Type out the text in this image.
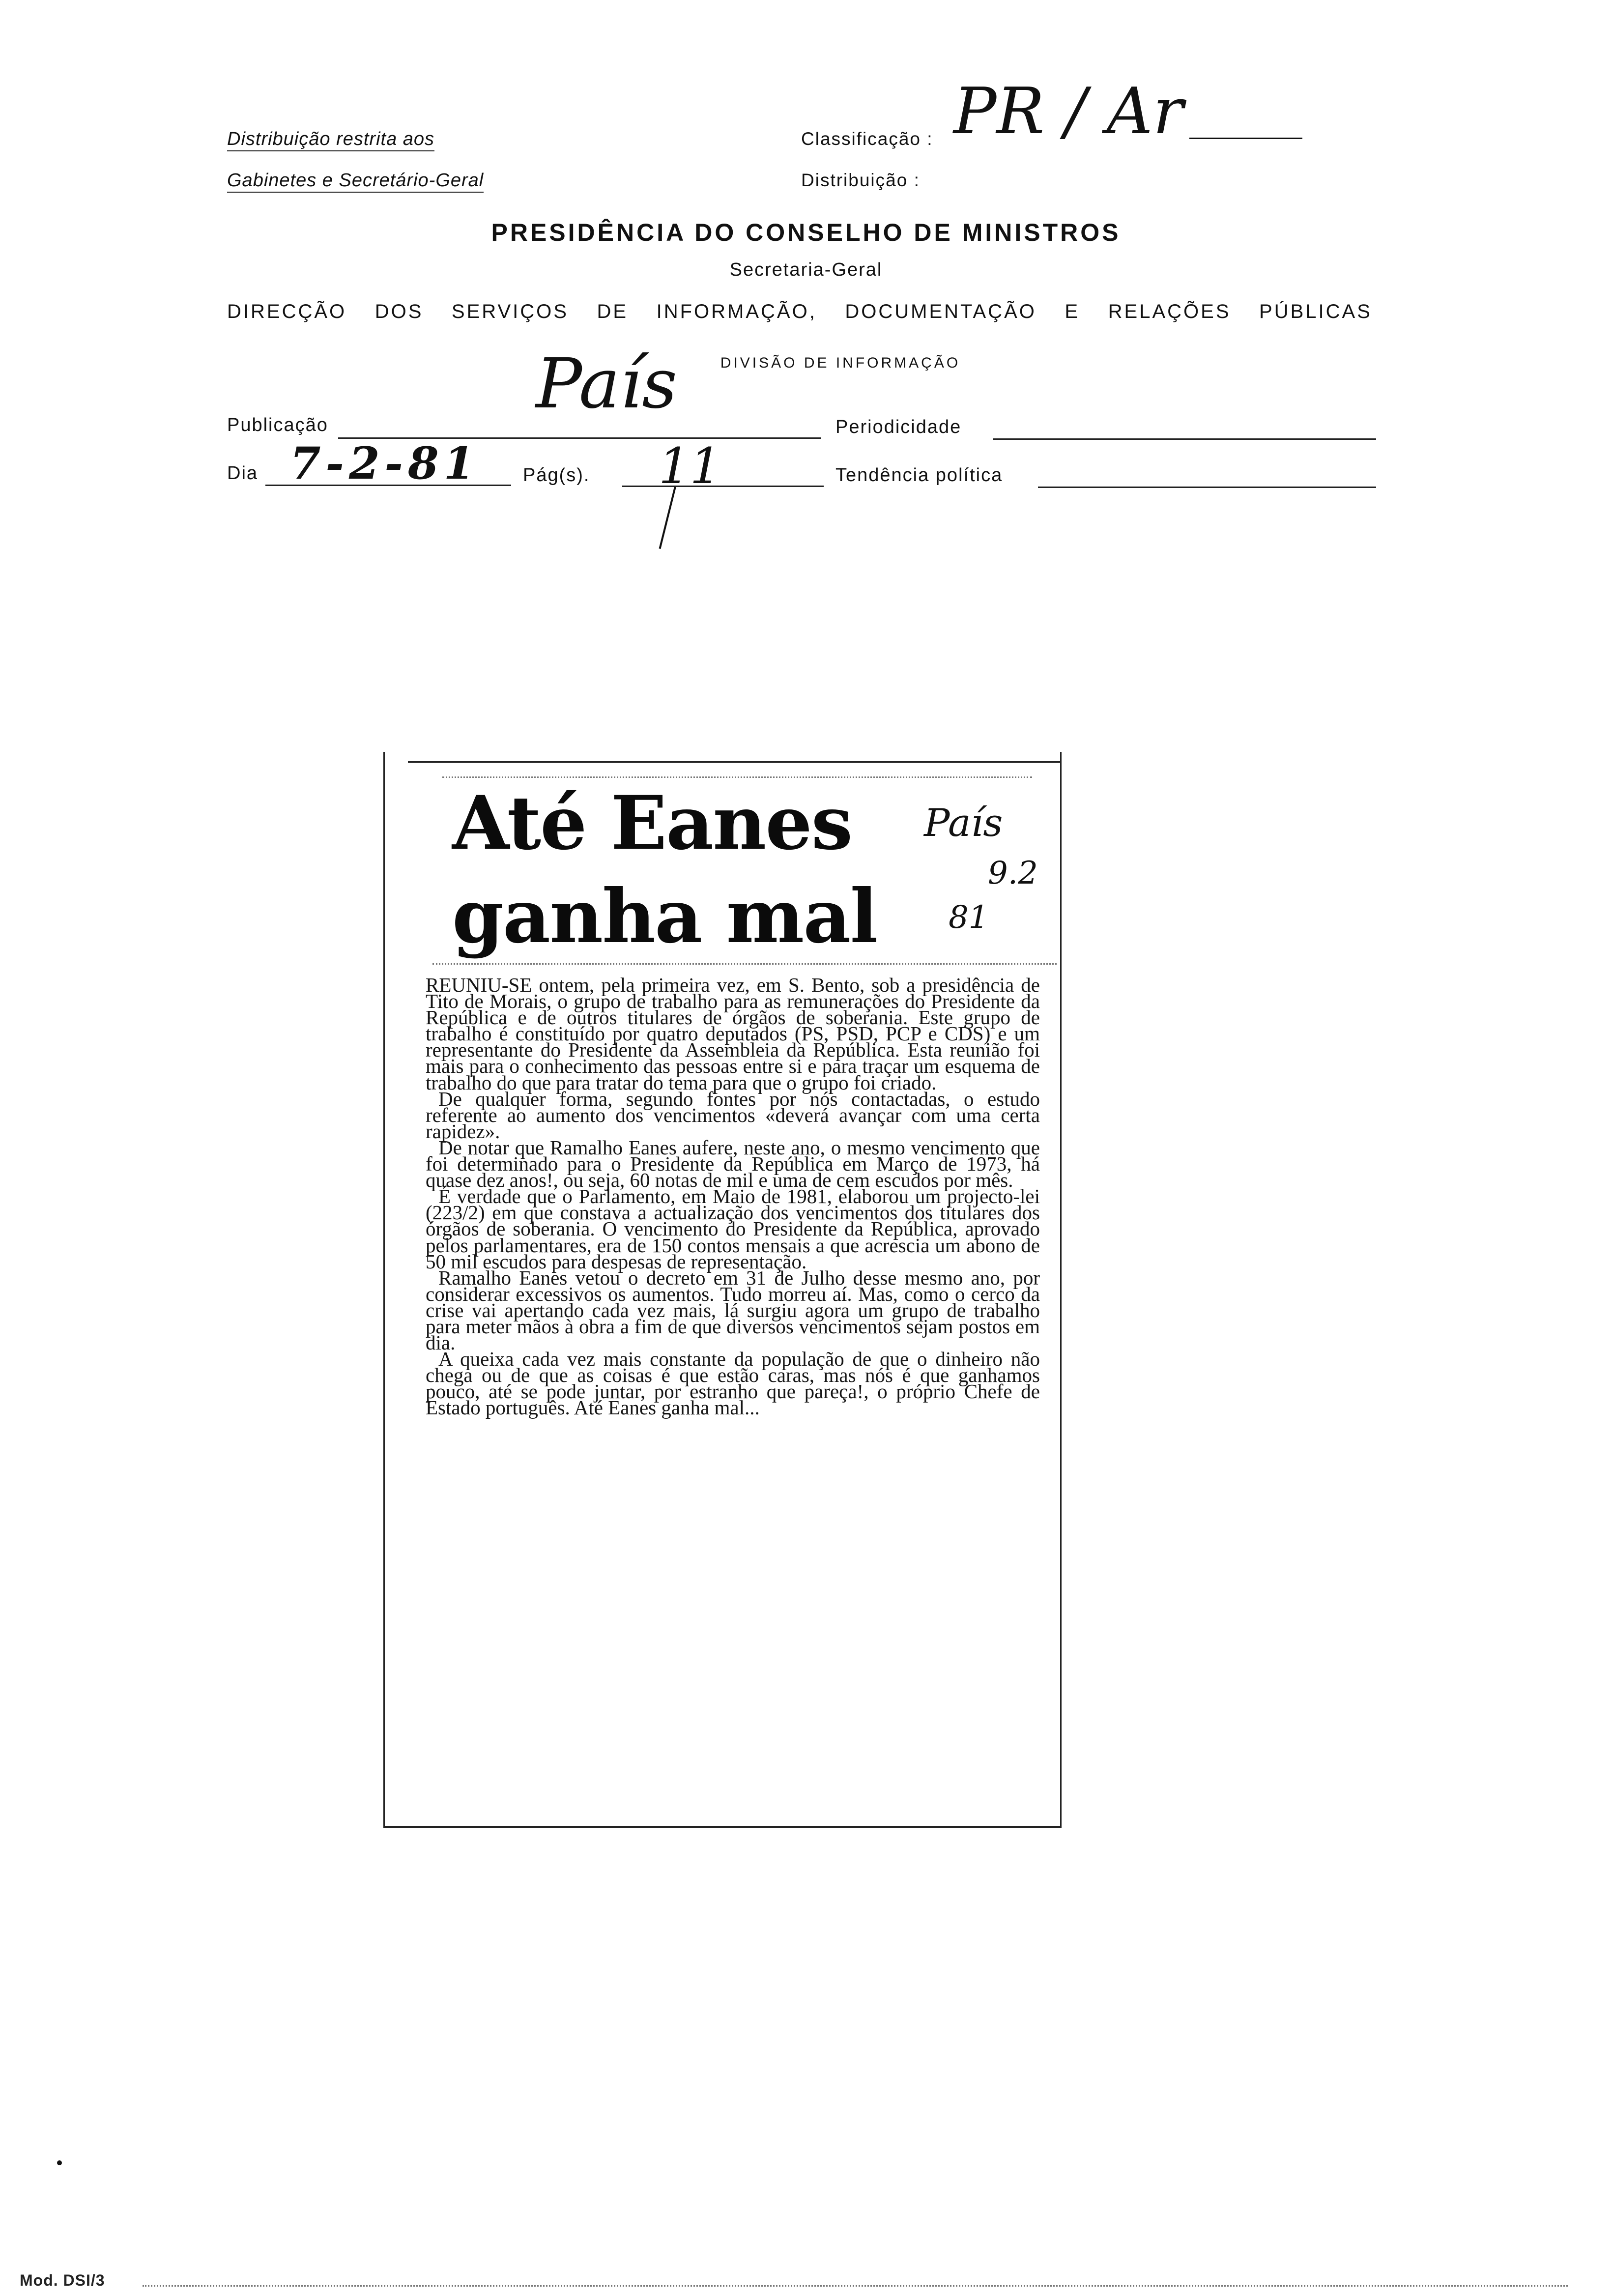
Distribuição restrita aos
Gabinetes e Secretário-Geral
Classificação : PR / Ar
Distribuição :
PRESIDÊNCIA DO CONSELHO DE MINISTROS
Secretaria-Geral
DIRECÇÃO DOS SERVIÇOS DE INFORMAÇÃO, DOCUMENTAÇÃO E RELAÇÕES PÚBLICAS
DIVISÃO DE INFORMAÇÃO
Publicação
País
Periodicidade
Dia 7-2-81 Pág(s). 11	Tendência política
Até Eanes
ganha mal
País
9.2
81

REUNIU-SE ontem, pela primeira vez, em S. Bento, sob a presidência de Tito de Morais, o grupo de trabalho para as remunerações do Presidente da República e de outros titulares de órgãos de soberania. Este grupo de trabalho é constituído por quatro deputados (PS, PSD, PCP e CDS) e um representante do Presidente da Assembleia da República. Esta reunião foi mais para o conhecimento das pessoas entre si e para traçar um esquema de trabalho do que para tratar do tema para que o grupo foi criado.

De qualquer forma, segundo fontes por nós contactadas, o estudo referente ao aumento dos vencimentos «deverá avançar com uma certa rapidez».

De notar que Ramalho Eanes aufere, neste ano, o mesmo vencimento que foi determinado para o Presidente da República em Março de 1973, há quase dez anos!, ou seja, 60 notas de mil e uma de cem escudos por mês.

É verdade que o Parlamento, em Maio de 1981, elaborou um projecto-lei (223/2) em que constava a actualização dos vencimentos dos titulares dos órgãos de soberania. O vencimento do Presidente da República, aprovado pelos parlamentares, era de 150 contos mensais a que acrescia um abono de 50 mil escudos para despesas de representação.

Ramalho Eanes vetou o decreto em 31 de Julho desse mesmo ano, por considerar excessivos os aumentos. Tudo morreu aí. Mas, como o cerco da crise vai apertando cada vez mais, lá surgiu agora um grupo de trabalho para meter mãos à obra a fim de que diversos vencimentos sejam postos em dia.

A queixa cada vez mais constante da população de que o dinheiro não chega ou de que as coisas é que estão caras, mas nós é que ganhamos pouco, até se pode juntar, por estranho que pareça!, o próprio Chefe de Estado português. Até Eanes ganha mal...

Mod. DSI/3
